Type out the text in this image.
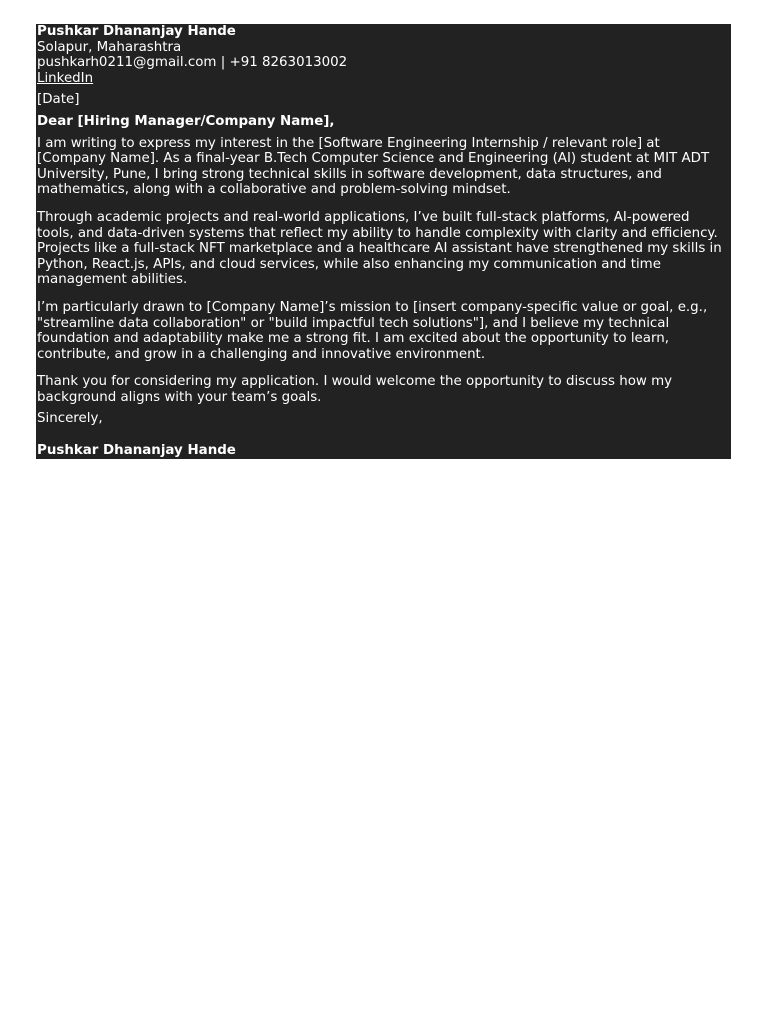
Pushkar Dhananjay Hande

Solapur, Maharashtra

pushkarh0211@gmail.com | +91 8263013002

LinkedIn

[Date]

Dear [Hiring Manager/Company Name],

I am writing to express my interest in the [Software Engineering Internship / relevant role] at [Company Name]. As a final-year B.Tech Computer Science and Engineering (AI) student at MIT ADT University, Pune, I bring strong technical skills in software development, data structures, and mathematics, along with a collaborative and problem-solving mindset.

Through academic projects and real-world applications, I’ve built full-stack platforms, AI-powered tools, and data-driven systems that reflect my ability to handle complexity with clarity and efficiency. Projects like a full-stack NFT marketplace and a healthcare AI assistant have strengthened my skills in Python, React.js, APIs, and cloud services, while also enhancing my communication and time management abilities.

I’m particularly drawn to [Company Name]’s mission to [insert company-specific value or goal, e.g., "streamline data collaboration" or "build impactful tech solutions"], and I believe my technical foundation and adaptability make me a strong fit. I am excited about the opportunity to learn, contribute, and grow in a challenging and innovative environment.

Thank you for considering my application. I would welcome the opportunity to discuss how my background aligns with your team’s goals.

Sincerely,

Pushkar Dhananjay Hande
